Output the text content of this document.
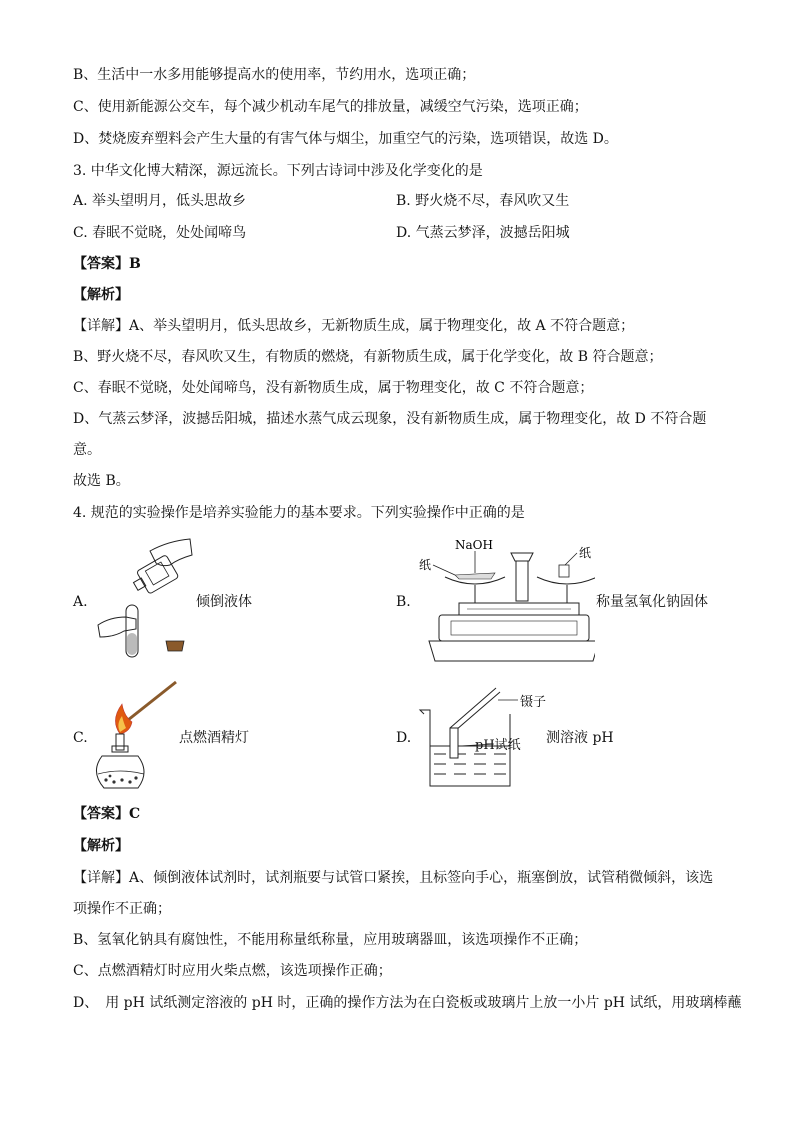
B、生活中一水多用能够提高水的使用率，节约用水，选项正确；
C、使用新能源公交车，每个减少机动车尾气的排放量，减缓空气污染，选项正确；
D、焚烧废弃塑料会产生大量的有害气体与烟尘，加重空气的污染，选项错误，故选 D。
3. 中华文化博大精深，源远流长。下列古诗词中涉及化学变化的是
A. 举头望明月，低头思故乡	B. 野火烧不尽，春风吹又生
C. 春眠不觉晓，处处闻啼鸟	D. 气蒸云梦泽，波撼岳阳城
【答案】B
【解析】
【详解】A、举头望明月，低头思故乡，无新物质生成，属于物理变化，故 A 不符合题意；
B、野火烧不尽，春风吹又生，有物质的燃烧，有新物质生成，属于化学变化，故 B 符合题意；
C、春眠不觉晓，处处闻啼鸟，没有新物质生成，属于物理变化，故 C 不符合题意；
D、气蒸云梦泽，波撼岳阳城，描述水蒸气成云现象，没有新物质生成，属于物理变化，故 D 不符合题
意。
故选 B。
4. 规范的实验操作是培养实验能力的基本要求。下列实验操作中正确的是
A.	倾倒液体	B.
NaOH
纸
纸
称量氢氧化钠固体
C.	点燃酒精灯	D.
镊子
pH试纸 测溶液 pH
【答案】C
【解析】
【详解】A、倾倒液体试剂时，试剂瓶要与试管口紧挨，且标签向手心，瓶塞倒放，试管稍微倾斜，该选
项操作不正确；
B、氢氧化钠具有腐蚀性，不能用称量纸称量，应用玻璃器皿，该选项操作不正确；
C、点燃酒精灯时应用火柴点燃，该选项操作正确；
D、　用 pH 试纸测定溶液的 pH 时，正确的操作方法为在白瓷板或玻璃片上放一小片 pH 试纸，用玻璃棒蘸
